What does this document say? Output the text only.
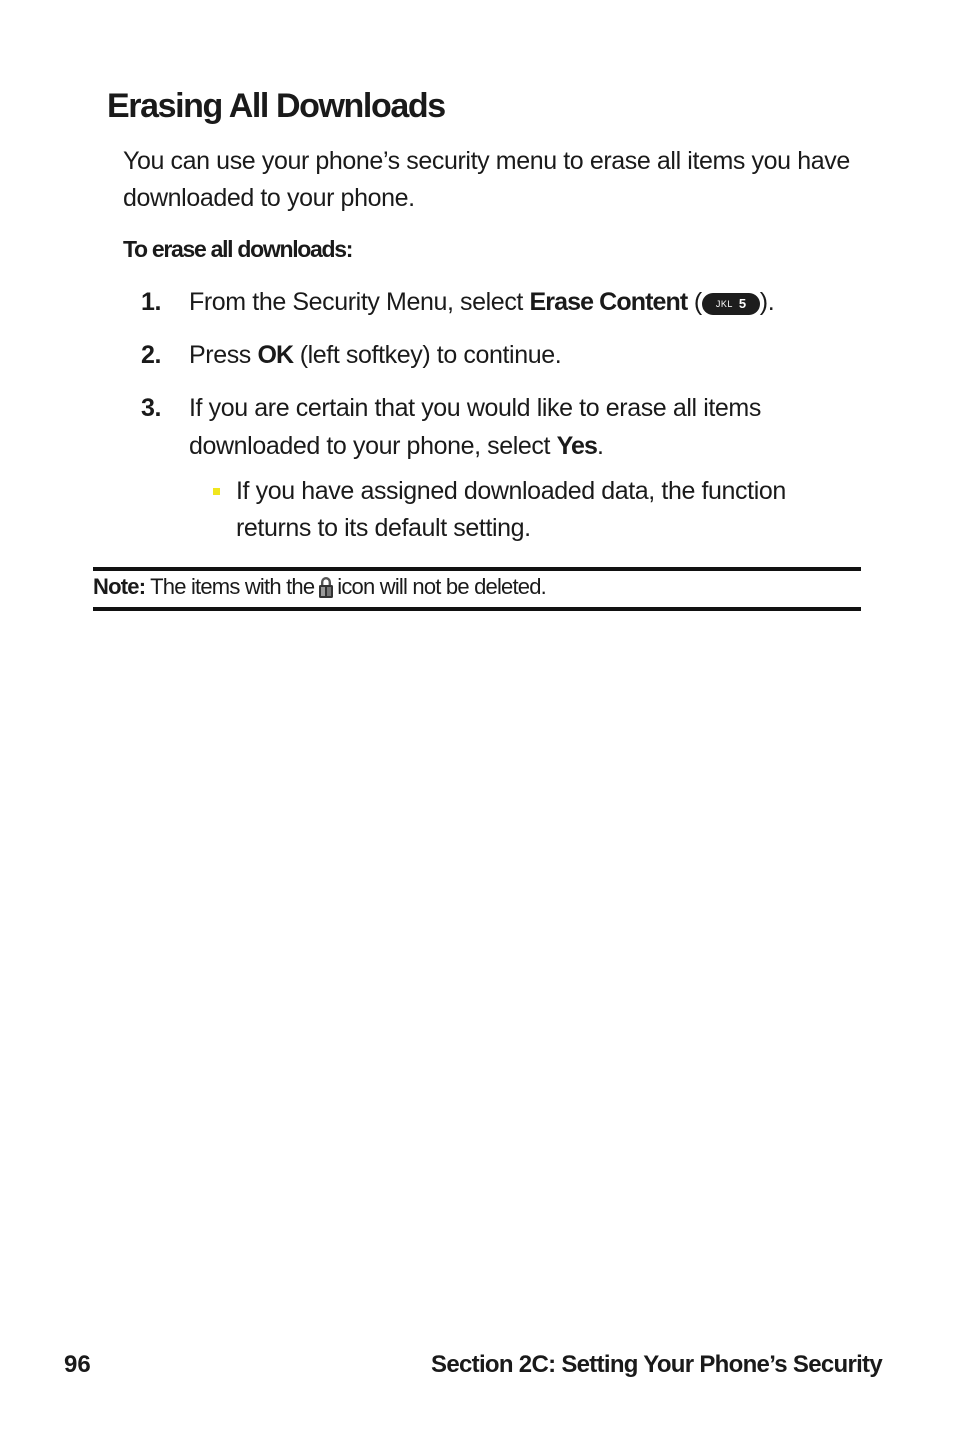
Erasing All Downloads

You can use your phone’s security menu to erase all items you have downloaded to your phone.

To erase all downloads:

1.	From the Security Menu, select Erase Content ( JKL 5 ).
2.	Press OK (left softkey) to continue.
3.	If you are certain that you would like to erase all items downloaded to your phone, select Yes.
If you have assigned downloaded data, the function returns to its default setting.
Note: The items with the icon will not be deleted.
96	Section 2C: Setting Your Phone’s Security
